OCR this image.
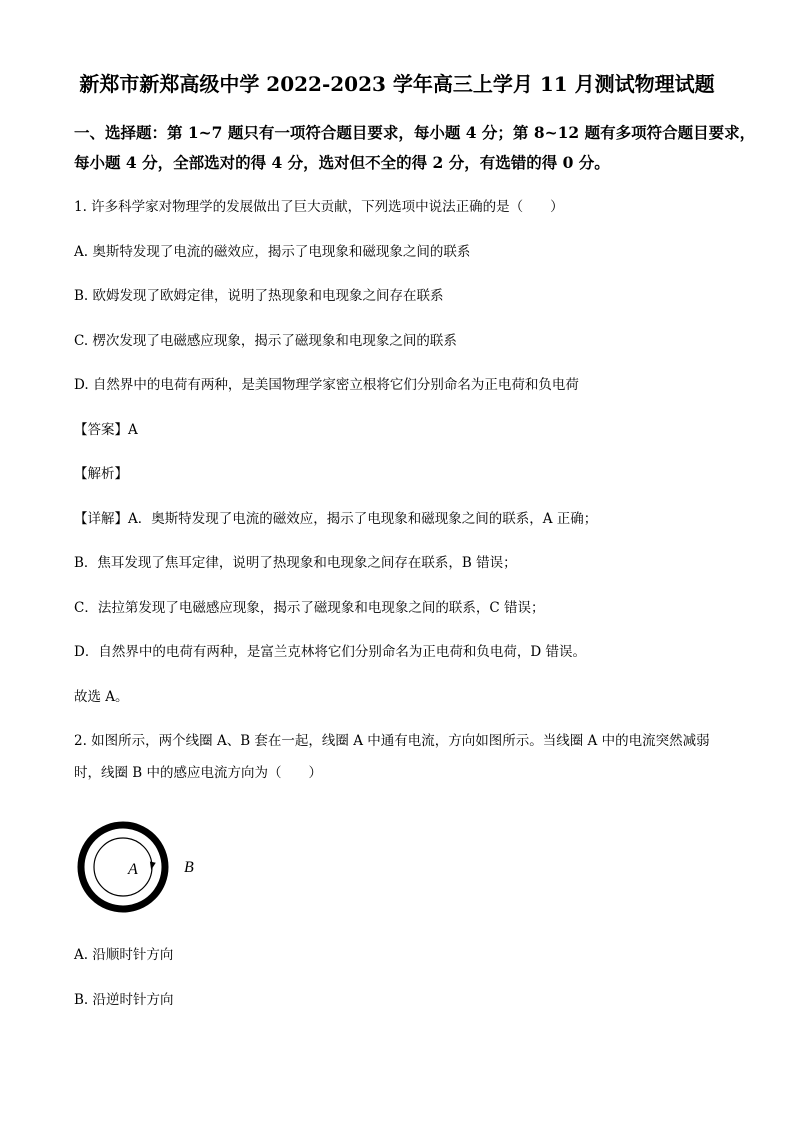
新郑市新郑高级中学 2022-2023 学年高三上学月 11 月测试物理试题
一、选择题：第 1~7 题只有一项符合题目要求，每小题 4 分；第 8~12 题有多项符合题目要求，
每小题 4 分，全部选对的得 4 分，选对但不全的得 2 分，有选错的得 0 分。
1. 许多科学家对物理学的发展做出了巨大贡献，下列选项中说法正确的是（　　）
A. 奥斯特发现了电流的磁效应，揭示了电现象和磁现象之间的联系
B. 欧姆发现了欧姆定律，说明了热现象和电现象之间存在联系
C. 楞次发现了电磁感应现象，揭示了磁现象和电现象之间的联系
D. 自然界中的电荷有两种，是美国物理学家密立根将它们分别命名为正电荷和负电荷
【答案】A
【解析】
【详解】A．奥斯特发现了电流的磁效应，揭示了电现象和磁现象之间的联系，A 正确；
B．焦耳发现了焦耳定律，说明了热现象和电现象之间存在联系，B 错误；
C．法拉第发现了电磁感应现象，揭示了磁现象和电现象之间的联系，C 错误；
D．自然界中的电荷有两种，是富兰克林将它们分别命名为正电荷和负电荷，D 错误。
故选 A。
2. 如图所示，两个线圈 A、B 套在一起，线圈 A 中通有电流，方向如图所示。当线圈 A 中的电流突然减弱
时，线圈 B 中的感应电流方向为（　　）
A	B
A. 沿顺时针方向
B. 沿逆时针方向
